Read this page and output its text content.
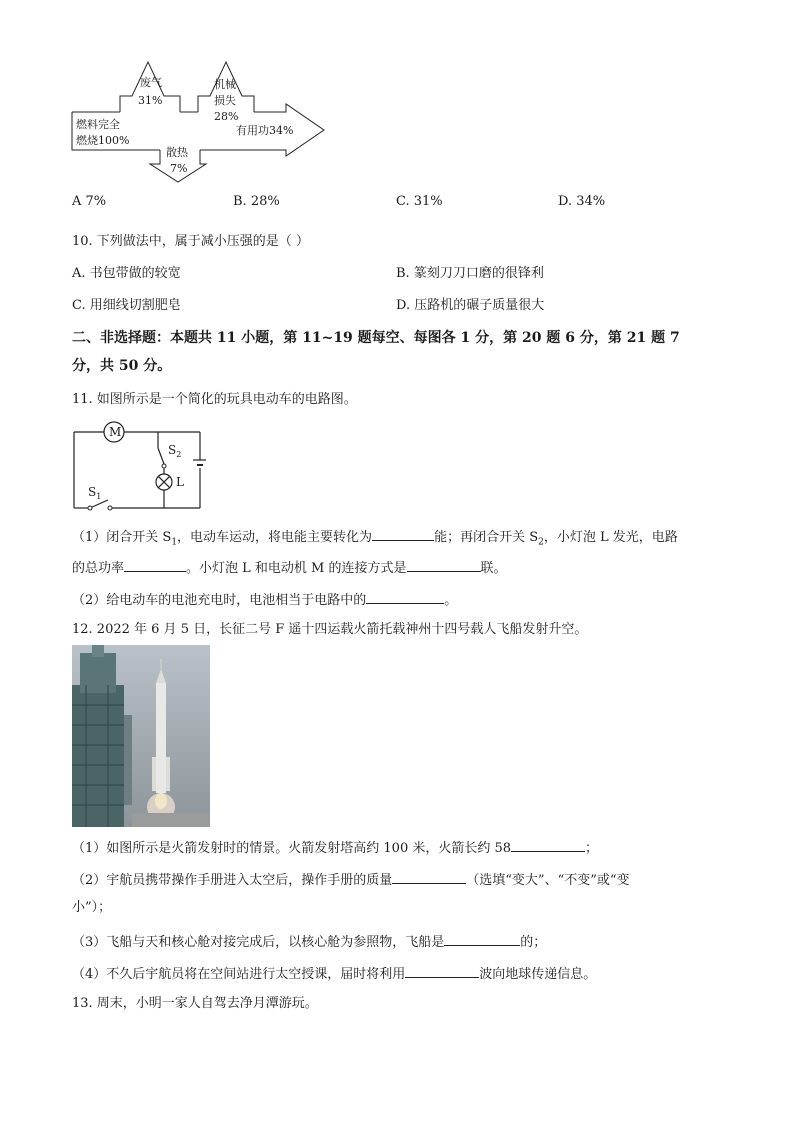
燃料完全
燃烧100%
废气
31%
机械
损失
28%
散热
7%
有用功34%
A 7%	B. 28%	C. 31%	D. 34%
10. 下列做法中，属于减小压强的是（ ）
A. 书包带做的较宽	B. 篆刻刀刀口磨的很锋利
C. 用细线切割肥皂	D. 压路机的碾子质量很大
二、非选择题：本题共 11 小题，第 11~19 题每空、每图各 1 分，第 20 题 6 分，第 21 题 7
分，共 50 分。
11. 如图所示是一个简化的玩具电动车的电路图。
M
$S_2$
L
$S_1$
（1）闭合开关 $S_1$，电动车运动，将电能主要转化为	能；再闭合开关 $S_2$，小灯泡 L 发光，电路
的总功率	。小灯泡 L 和电动机 M 的连接方式是	联。
（2）给电动车的电池充电时，电池相当于电路中的	。
12. 2022 年 6 月 5 日，长征二号 F 遥十四运载火箭托载神州十四号载人飞船发射升空。
（1）如图所示是火箭发射时的情景。火箭发射塔高约 100 米，火箭长约 58	；
（2）宇航员携带操作手册进入太空后，操作手册的质量	（选填“变大”、“不变”或“变
小”）；
（3）飞船与天和核心舱对接完成后，以核心舱为参照物，飞船是	的；
（4）不久后宇航员将在空间站进行太空授课，届时将利用	波向地球传递信息。
13. 周末，小明一家人自驾去净月潭游玩。
